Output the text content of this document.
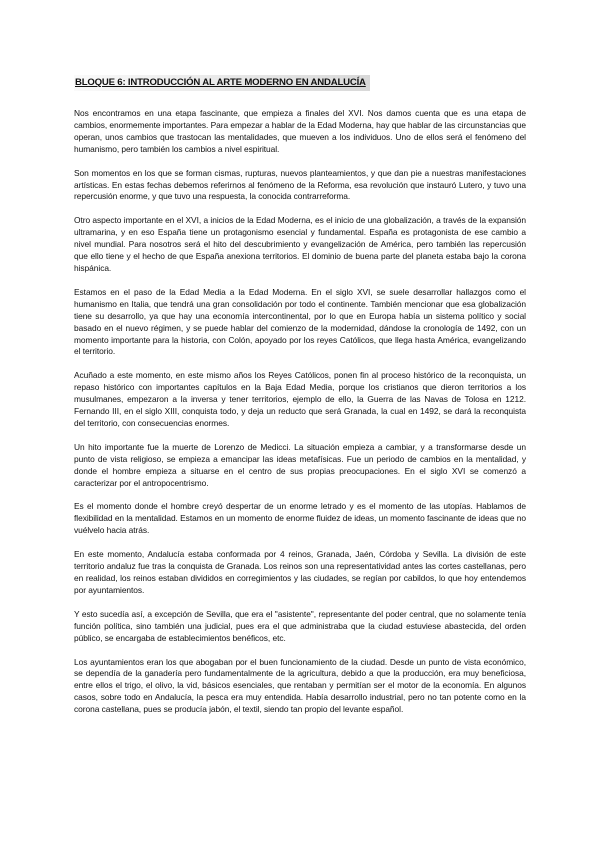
BLOQUE 6: INTRODUCCIÓN AL ARTE MODERNO EN ANDALUCÍA

Nos encontramos en una etapa fascinante, que empieza a finales del XVI. Nos damos cuenta que es una etapa de cambios, enormemente importantes. Para empezar a hablar de la Edad Moderna, hay que hablar de las circunstancias que operan, unos cambios que trastocan las mentalidades, que mueven a los individuos. Uno de ellos será el fenómeno del humanismo, pero también los cambios a nivel espiritual.

Son momentos en los que se forman cismas, rupturas, nuevos planteamientos, y que dan pie a nuestras manifestaciones artísticas. En estas fechas debemos referirnos al fenómeno de la Reforma, esa revolución que instauró Lutero, y tuvo una repercusión enorme, y que tuvo una respuesta, la conocida contrarreforma.

Otro aspecto importante en el XVI, a inicios de la Edad Moderna, es el inicio de una globalización, a través de la expansión ultramarina, y en eso España tiene un protagonismo esencial y fundamental. España es protagonista de ese cambio a nivel mundial. Para nosotros será el hito del descubrimiento y evangelización de América, pero también las repercusión que ello tiene y el hecho de que España anexiona territorios. El dominio de buena parte del planeta estaba bajo la corona hispánica.

Estamos en el paso de la Edad Media a la Edad Moderna. En el siglo XVI, se suele desarrollar hallazgos como el humanismo en Italia, que tendrá una gran consolidación por todo el continente. También mencionar que esa globalización tiene su desarrollo, ya que hay una economía intercontinental, por lo que en Europa había un sistema político y social basado en el nuevo régimen, y se puede hablar del comienzo de la modernidad, dándose la cronología de 1492, con un momento importante para la historia, con Colón, apoyado por los reyes Católicos, que llega hasta América, evangelizando el territorio.

Acuñado a este momento, en este mismo años los Reyes Católicos, ponen fin al proceso histórico de la reconquista, un repaso histórico con importantes capítulos en la Baja Edad Media, porque los cristianos que dieron territorios a los musulmanes, empezaron a la inversa y tener territorios, ejemplo de ello, la Guerra de las Navas de Tolosa en 1212. Fernando III, en el siglo XIII, conquista todo, y deja un reducto que será Granada, la cual en 1492, se dará la reconquista del territorio, con consecuencias enormes.

Un hito importante fue la muerte de Lorenzo de Medicci. La situación empieza a cambiar, y a transformarse desde un punto de vista religioso, se empieza a emancipar las ideas metafísicas. Fue un periodo de cambios en la mentalidad, y donde el hombre empieza a situarse en el centro de sus propias preocupaciones. En el siglo XVI se comenzó a caracterizar por el antropocentrismo.

Es el momento donde el hombre creyó despertar de un enorme letrado y es el momento de las utopías. Hablamos de flexibilidad en la mentalidad. Estamos en un momento de enorme fluidez de ideas, un momento fascinante de ideas que no vuélvelo hacia atrás.

En este momento, Andalucía estaba conformada por 4 reinos, Granada, Jaén, Córdoba y Sevilla. La división de este territorio andaluz fue tras la conquista de Granada. Los reinos son una representatividad antes las cortes castellanas, pero en realidad, los reinos estaban divididos en corregimientos y las ciudades, se regían por cabildos, lo que hoy entendemos por ayuntamientos.

Y esto sucedía así, a excepción de Sevilla, que era el "asistente", representante del poder central, que no solamente tenía función política, sino también una judicial, pues era el que administraba que la ciudad estuviese abastecida, del orden público, se encargaba de establecimientos benéficos, etc.

Los ayuntamientos eran los que abogaban por el buen funcionamiento de la ciudad. Desde un punto de vista económico, se dependía de la ganadería pero fundamentalmente de la agricultura, debido a que la producción, era muy beneficiosa, entre ellos el trigo, el olivo, la vid, básicos esenciales, que rentaban y permitían ser el motor de la economía. En algunos casos, sobre todo en Andalucía, la pesca era muy entendida. Había desarrollo industrial, pero no tan potente como en la corona castellana, pues se producía jabón, el textil, siendo tan propio del levante español.
